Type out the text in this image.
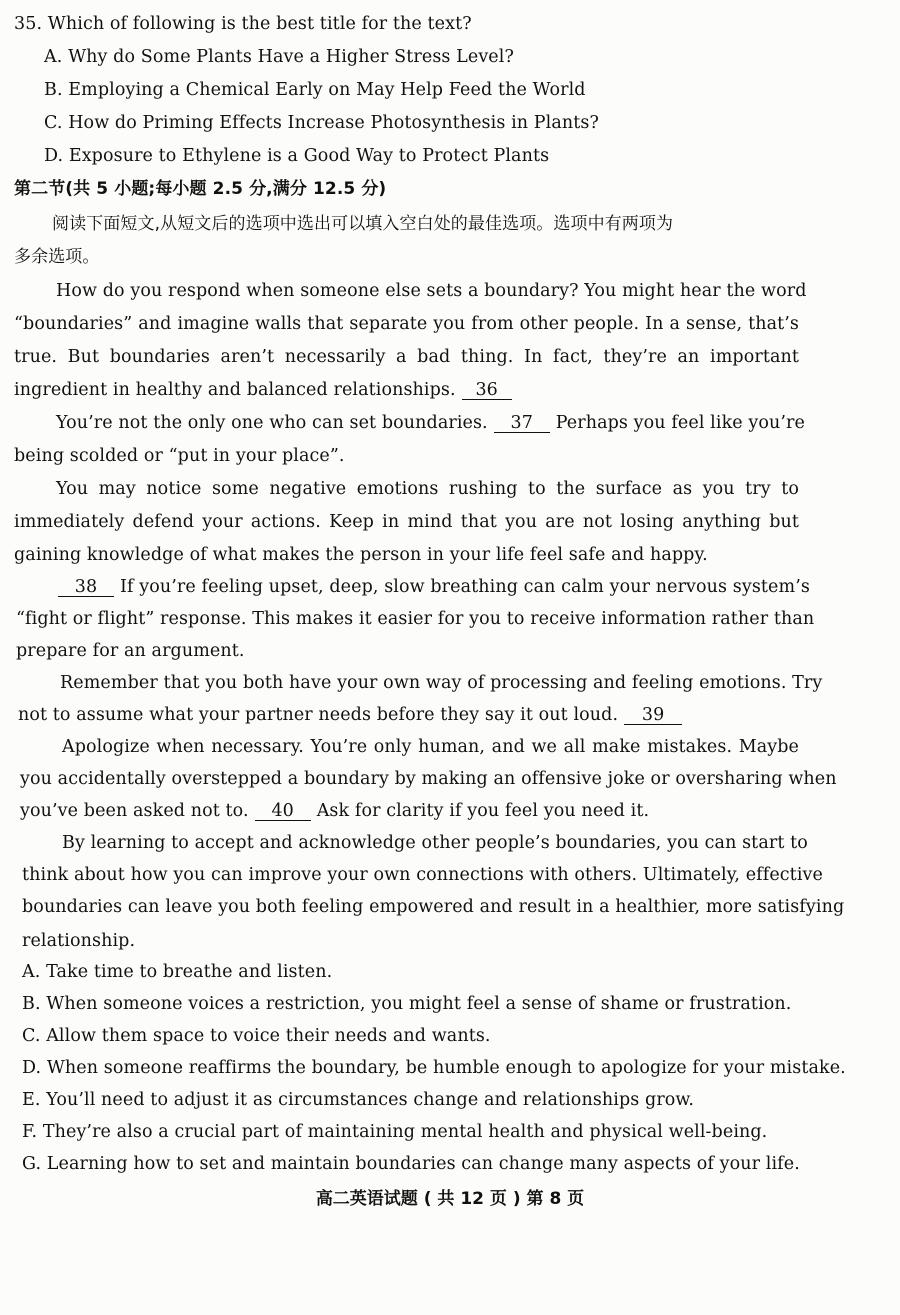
35. Which of following is the best title for the text?
A. Why do Some Plants Have a Higher Stress Level?
B. Employing a Chemical Early on May Help Feed the World
C. How do Priming Effects Increase Photosynthesis in Plants?
D. Exposure to Ethylene is a Good Way to Protect Plants
第二节(共 5 小题;每小题 2.5 分,满分 12.5 分)
阅读下面短文,从短文后的选项中选出可以填入空白处的最佳选项。选项中有两项为
多余选项。
How do you respond when someone else sets a boundary? You might hear the word
“boundaries” and imagine walls that separate you from other people. In a sense, that’s
true. But boundaries aren’t necessarily a bad thing. In fact, they’re an important
ingredient in healthy and balanced relationships. 36
You’re not the only one who can set boundaries. 37 Perhaps you feel like you’re
being scolded or “put in your place”.
You may notice some negative emotions rushing to the surface as you try to
immediately defend your actions. Keep in mind that you are not losing anything but
gaining knowledge of what makes the person in your life feel safe and happy.
38 If you’re feeling upset, deep, slow breathing can calm your nervous system’s
“fight or flight” response. This makes it easier for you to receive information rather than
prepare for an argument.
Remember that you both have your own way of processing and feeling emotions. Try
not to assume what your partner needs before they say it out loud. 39
Apologize when necessary. You’re only human, and we all make mistakes. Maybe
you accidentally overstepped a boundary by making an offensive joke or oversharing when
you’ve been asked not to. 40 Ask for clarity if you feel you need it.
By learning to accept and acknowledge other people’s boundaries, you can start to
think about how you can improve your own connections with others. Ultimately, effective
boundaries can leave you both feeling empowered and result in a healthier, more satisfying
relationship.
A. Take time to breathe and listen.
B. When someone voices a restriction, you might feel a sense of shame or frustration.
C. Allow them space to voice their needs and wants.
D. When someone reaffirms the boundary, be humble enough to apologize for your mistake.
E. You’ll need to adjust it as circumstances change and relationships grow.
F. They’re also a crucial part of maintaining mental health and physical well-being.
G. Learning how to set and maintain boundaries can change many aspects of your life.
高二英语试题 ( 共 12 页 ) 第 8 页
